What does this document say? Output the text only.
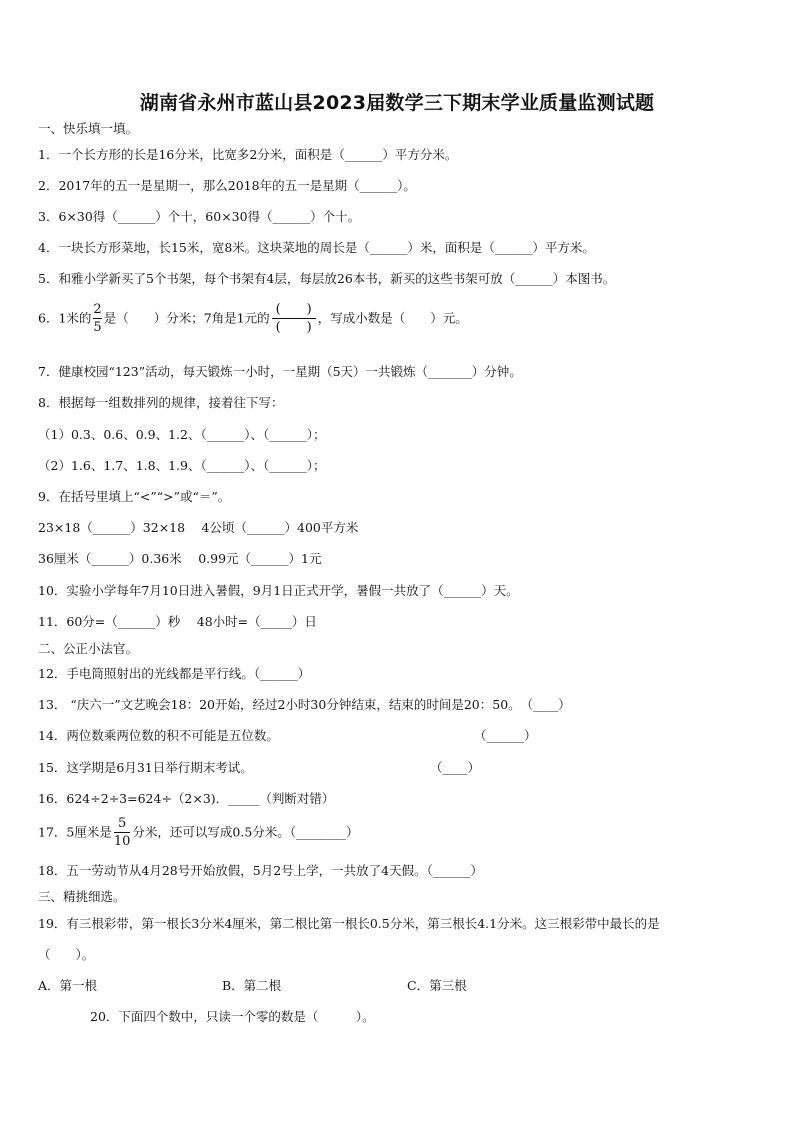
湖南省永州市蓝山县2023届数学三下期末学业质量监测试题
一、快乐填一填。
1．一个长方形的长是16分米，比宽多2分米，面积是（______）平方分米。
2．2017年的五一是星期一，那么2018年的五一是星期（______）。
3．6×30得（______）个十，60×30得（______）个十。
4．一块长方形菜地，长15米，宽8米。这块菜地的周长是（______）米，面积是（______）平方米。
5．和雅小学新买了5个书架，每个书架有4层，每层放26本书，新买的这些书架可放（______）本图书。
6．1米的 $\frac{2}{5}$ 是（　　）分米；7角是1元的 $\frac{( )}{( )}$ ，写成小数是（　　）元。
7．健康校园“123”活动，每天锻炼一小时，一星期（5天）一共锻炼（_______）分钟。
8．根据每一组数排列的规律，接着往下写：
（1）0.3、0.6、0.9、1.2、（______）、（______）；
（2）1.6、1.7、1.8、1.9、（______）、（______）；
9．在括号里填上“<”“>”或“＝”。
23×18（______）32×18　 4公顷（______）400平方米
36厘米（______）0.36米　 0.99元（______）1元
10．实验小学每年7月10日进入暑假，9月1日正式开学，暑假一共放了（______）天。
11．60分=（______）秒　 48小时=（_____）日
二、公正小法官。
12．手电筒照射出的光线都是平行线。（______）
13． “庆六一”文艺晚会18：20开始，经过2小时30分钟结束，结束的时间是20：50。　（____）
14．两位数乘两位数的积不可能是五位数。	（______）
15．这学期是6月31日举行期末考试。	（____）
16．624÷2÷3=624÷（2×3)．_____（判断对错）
17．5厘米是 $\frac{5}{10}$ 分米，还可以写成0.5分米。（________）
18．五一劳动节从4月28号开始放假，5月2号上学，一共放了4天假。（______）
三、精挑细选。
19．有三根彩带，第一根长3分米4厘米，第二根比第一根长0.5分米，第三根长4.1分米。这三根彩带中最长的是
（　　）。
A．第一根	B．第二根	C．第三根
20．下面四个数中，只读一个零的数是（　　　）。
